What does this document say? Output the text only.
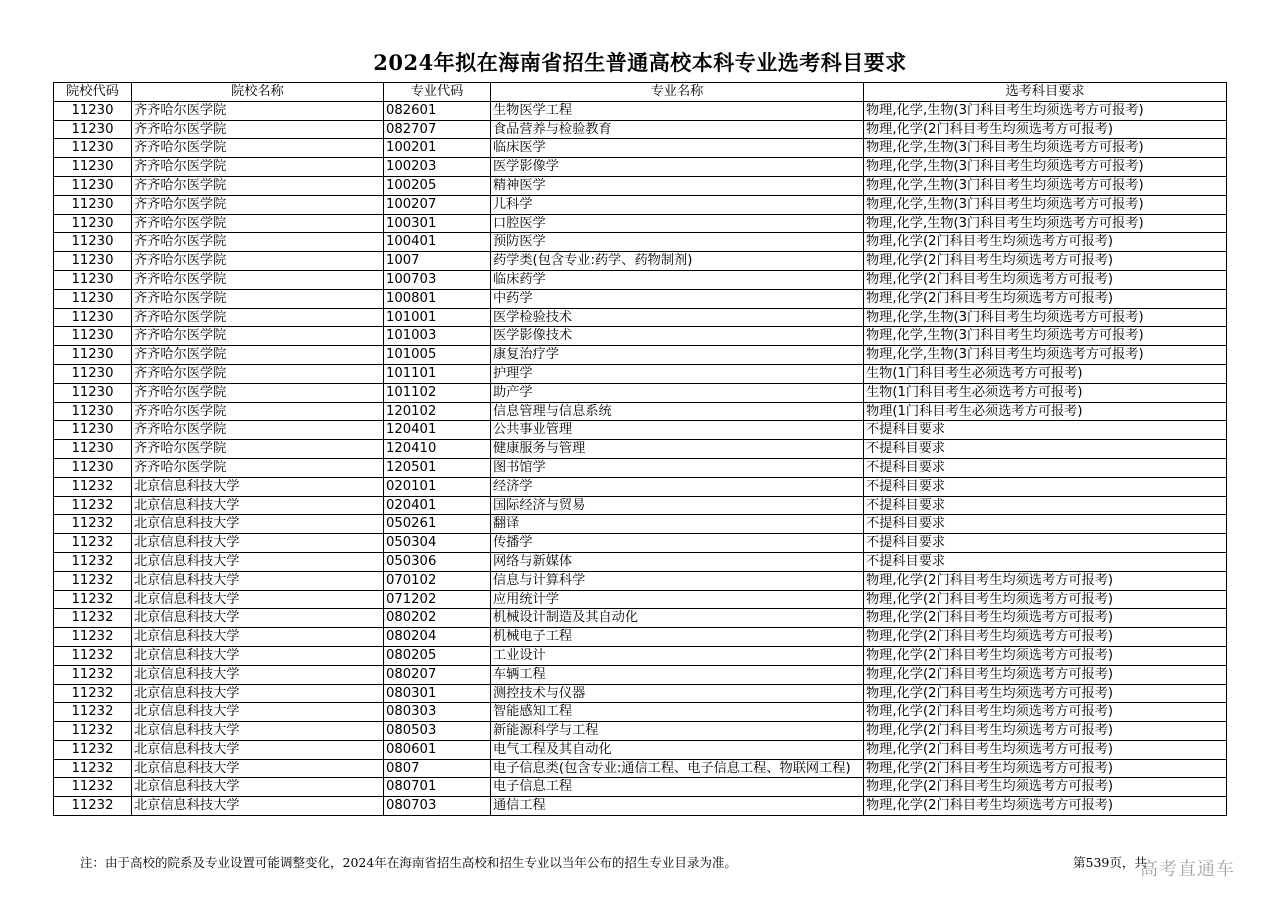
2024年拟在海南省招生普通高校本科专业选考科目要求
院校代码	院校名称	专业代码	专业名称	选考科目要求
11230	齐齐哈尔医学院	082601	生物医学工程	物理,化学,生物(3门科目考生均须选考方可报考)
11230	齐齐哈尔医学院	082707	食品营养与检验教育	物理,化学(2门科目考生均须选考方可报考)
11230	齐齐哈尔医学院	100201	临床医学	物理,化学,生物(3门科目考生均须选考方可报考)
11230	齐齐哈尔医学院	100203	医学影像学	物理,化学,生物(3门科目考生均须选考方可报考)
11230	齐齐哈尔医学院	100205	精神医学	物理,化学,生物(3门科目考生均须选考方可报考)
11230	齐齐哈尔医学院	100207	儿科学	物理,化学,生物(3门科目考生均须选考方可报考)
11230	齐齐哈尔医学院	100301	口腔医学	物理,化学,生物(3门科目考生均须选考方可报考)
11230	齐齐哈尔医学院	100401	预防医学	物理,化学(2门科目考生均须选考方可报考)
11230	齐齐哈尔医学院	1007	药学类(包含专业:药学、药物制剂)	物理,化学(2门科目考生均须选考方可报考)
11230	齐齐哈尔医学院	100703	临床药学	物理,化学(2门科目考生均须选考方可报考)
11230	齐齐哈尔医学院	100801	中药学	物理,化学(2门科目考生均须选考方可报考)
11230	齐齐哈尔医学院	101001	医学检验技术	物理,化学,生物(3门科目考生均须选考方可报考)
11230	齐齐哈尔医学院	101003	医学影像技术	物理,化学,生物(3门科目考生均须选考方可报考)
11230	齐齐哈尔医学院	101005	康复治疗学	物理,化学,生物(3门科目考生均须选考方可报考)
11230	齐齐哈尔医学院	101101	护理学	生物(1门科目考生必须选考方可报考)
11230	齐齐哈尔医学院	101102	助产学	生物(1门科目考生必须选考方可报考)
11230	齐齐哈尔医学院	120102	信息管理与信息系统	物理(1门科目考生必须选考方可报考)
11230	齐齐哈尔医学院	120401	公共事业管理	不提科目要求
11230	齐齐哈尔医学院	120410	健康服务与管理	不提科目要求
11230	齐齐哈尔医学院	120501	图书馆学	不提科目要求
11232	北京信息科技大学	020101	经济学	不提科目要求
11232	北京信息科技大学	020401	国际经济与贸易	不提科目要求
11232	北京信息科技大学	050261	翻译	不提科目要求
11232	北京信息科技大学	050304	传播学	不提科目要求
11232	北京信息科技大学	050306	网络与新媒体	不提科目要求
11232	北京信息科技大学	070102	信息与计算科学	物理,化学(2门科目考生均须选考方可报考)
11232	北京信息科技大学	071202	应用统计学	物理,化学(2门科目考生均须选考方可报考)
11232	北京信息科技大学	080202	机械设计制造及其自动化	物理,化学(2门科目考生均须选考方可报考)
11232	北京信息科技大学	080204	机械电子工程	物理,化学(2门科目考生均须选考方可报考)
11232	北京信息科技大学	080205	工业设计	物理,化学(2门科目考生均须选考方可报考)
11232	北京信息科技大学	080207	车辆工程	物理,化学(2门科目考生均须选考方可报考)
11232	北京信息科技大学	080301	测控技术与仪器	物理,化学(2门科目考生均须选考方可报考)
11232	北京信息科技大学	080303	智能感知工程	物理,化学(2门科目考生均须选考方可报考)
11232	北京信息科技大学	080503	新能源科学与工程	物理,化学(2门科目考生均须选考方可报考)
11232	北京信息科技大学	080601	电气工程及其自动化	物理,化学(2门科目考生均须选考方可报考)
11232	北京信息科技大学	0807	电子信息类(包含专业:通信工程、电子信息工程、物联网工程)	物理,化学(2门科目考生均须选考方可报考)
11232	北京信息科技大学	080701	电子信息工程	物理,化学(2门科目考生均须选考方可报考)
11232	北京信息科技大学	080703	通信工程	物理,化学(2门科目考生均须选考方可报考)
注：由于高校的院系及专业设置可能调整变化，2024年在海南省招生高校和招生专业以当年公布的招生专业目录为准。	第539页，共
高考直通车
